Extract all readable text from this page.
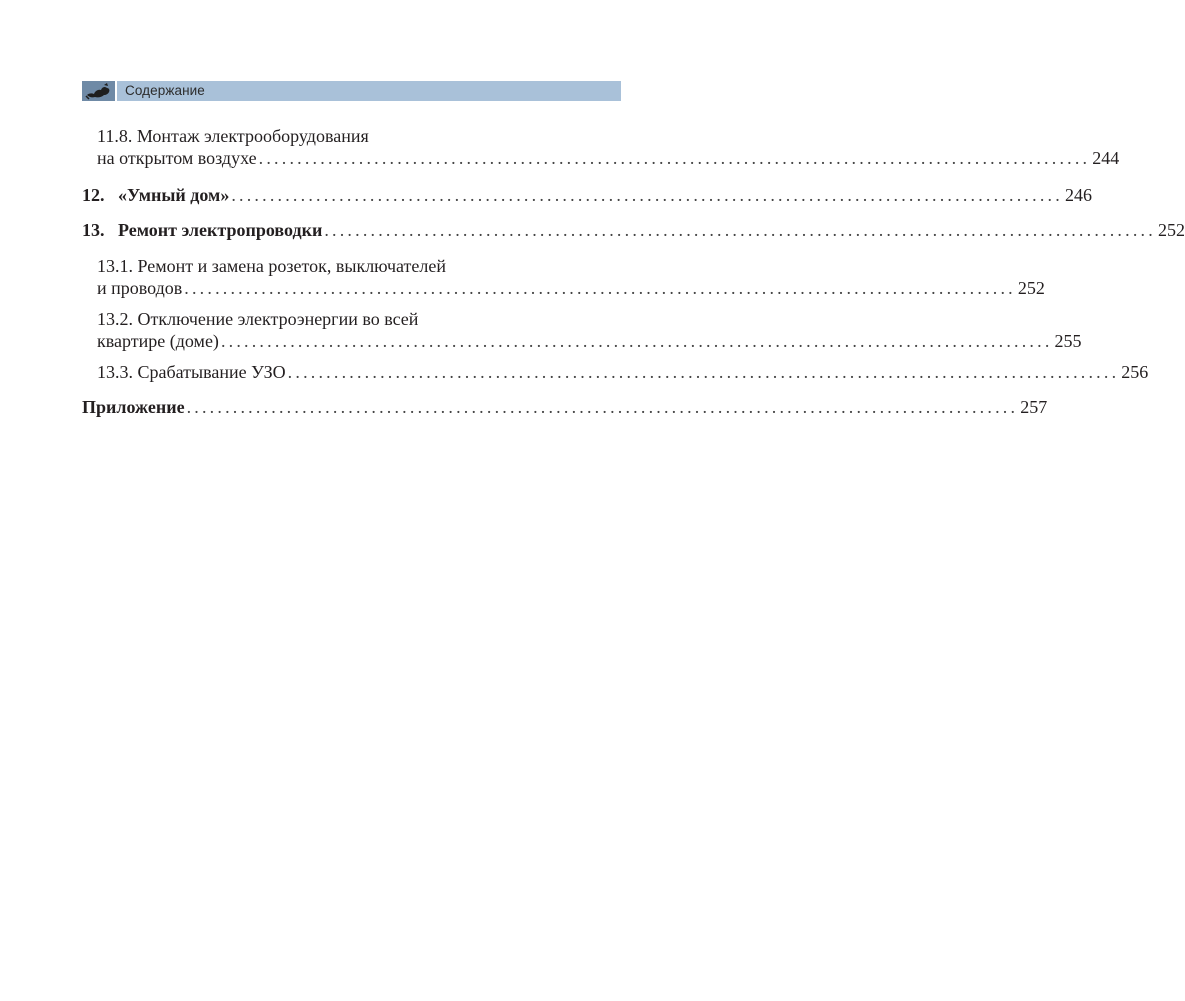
Содержание
11.8. Монтаж электрооборудования
на открытом воздухе ............................................................................................................ 244
12. «Умный дом» ............................................................................................................ 246
13. Ремонт электропроводки ............................................................................................................ 252
13.1. Ремонт и замена розеток, выключателей
и проводов ............................................................................................................ 252
13.2. Отключение электроэнергии во всей
квартире (доме) ............................................................................................................ 255
13.3. Срабатывание УЗО ............................................................................................................ 256
Приложение ............................................................................................................ 257
